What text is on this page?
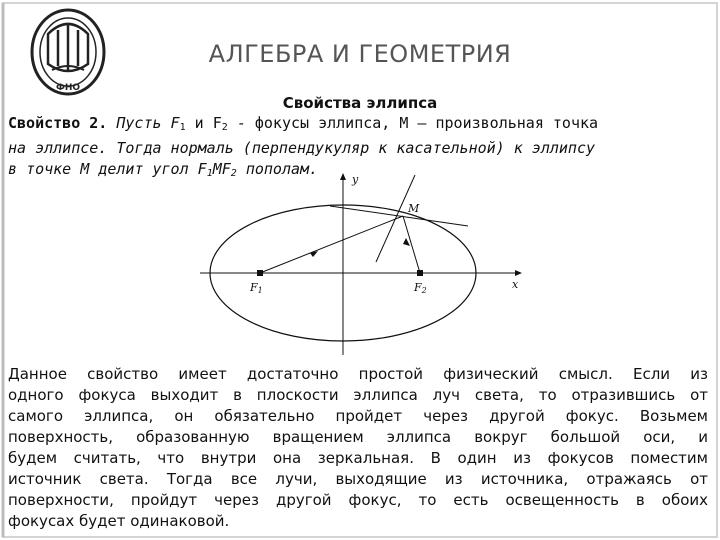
ФНО
АЛГЕБРА И ГЕОМЕТРИЯ
Свойства эллипса
Свойство 2. Пусть $F_1$ и $F_2$ - фокусы эллипса, M – произвольная точка
на эллипсе. Тогда нормаль (перпендукуляр к касательной) к эллипсу
в точке M делит угол $F_1MF_2$ пополам.
y
x
M
F1	F2
Данное свойство имеет достаточно простой физический смысл. Если из
одного фокуса выходит в плоскости эллипса луч света, то отразившись от
самого эллипса, он обязательно пройдет через другой фокус. Возьмем
поверхность, образованную вращением эллипса вокруг большой оси, и
будем считать, что внутри она зеркальная. В один из фокусов поместим
источник света. Тогда все лучи, выходящие из источника, отражаясь от
поверхности, пройдут через другой фокус, то есть освещенность в обоих
фокусах будет одинаковой.
